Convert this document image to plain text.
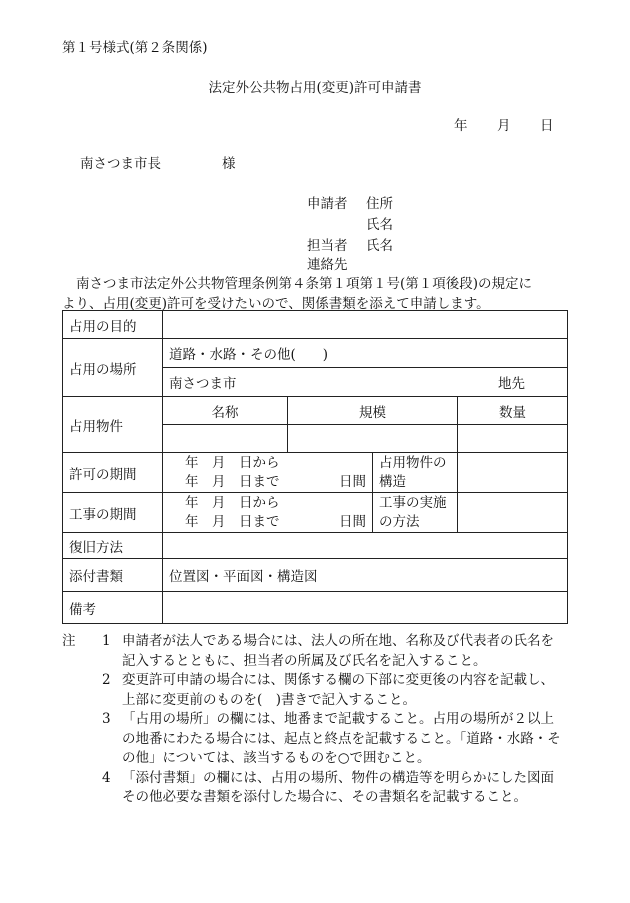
第１号様式(第２条関係)
法定外公共物占用(変更)許可申請書
年 月 日
南さつま市長	様
申請者 住所
氏名
担当者 氏名
連絡先
南さつま市法定外公共物管理条例第４条第１項第１号(第１項後段)の規定に
より、占用(変更)許可を受けたいので、関係書類を添えて申請します。
占用の目的				
占用の場所	道路・水路・その他(　　)			

	南さつま市 地先			

占用物件	名称	規模		数量

許可の期間	年　月　日から
年　月　日まで 日間		占用物件の構造	
工事の期間	年　月　日から
年　月　日まで 日間		工事の実施の方法	
復旧方法				
添付書類	位置図・平面図・構造図			
備考				
注	1 申請者が法人である場合には、法人の所在地、名称及び代表者の氏名を記入するとともに、担当者の所属及び氏名を記入すること。
2 変更許可申請の場合には、関係する欄の下部に変更後の内容を記載し、上部に変更前のものを(　)書きで記入すること。
3 「占用の場所」の欄には、地番まで記載すること。占用の場所が２以上の地番にわたる場合には、起点と終点を記載すること。「道路・水路・その他」については、該当するものを○で囲むこと。
4 「添付書類」の欄には、占用の場所、物件の構造等を明らかにした図面その他必要な書類を添付した場合に、その書類名を記載すること。
